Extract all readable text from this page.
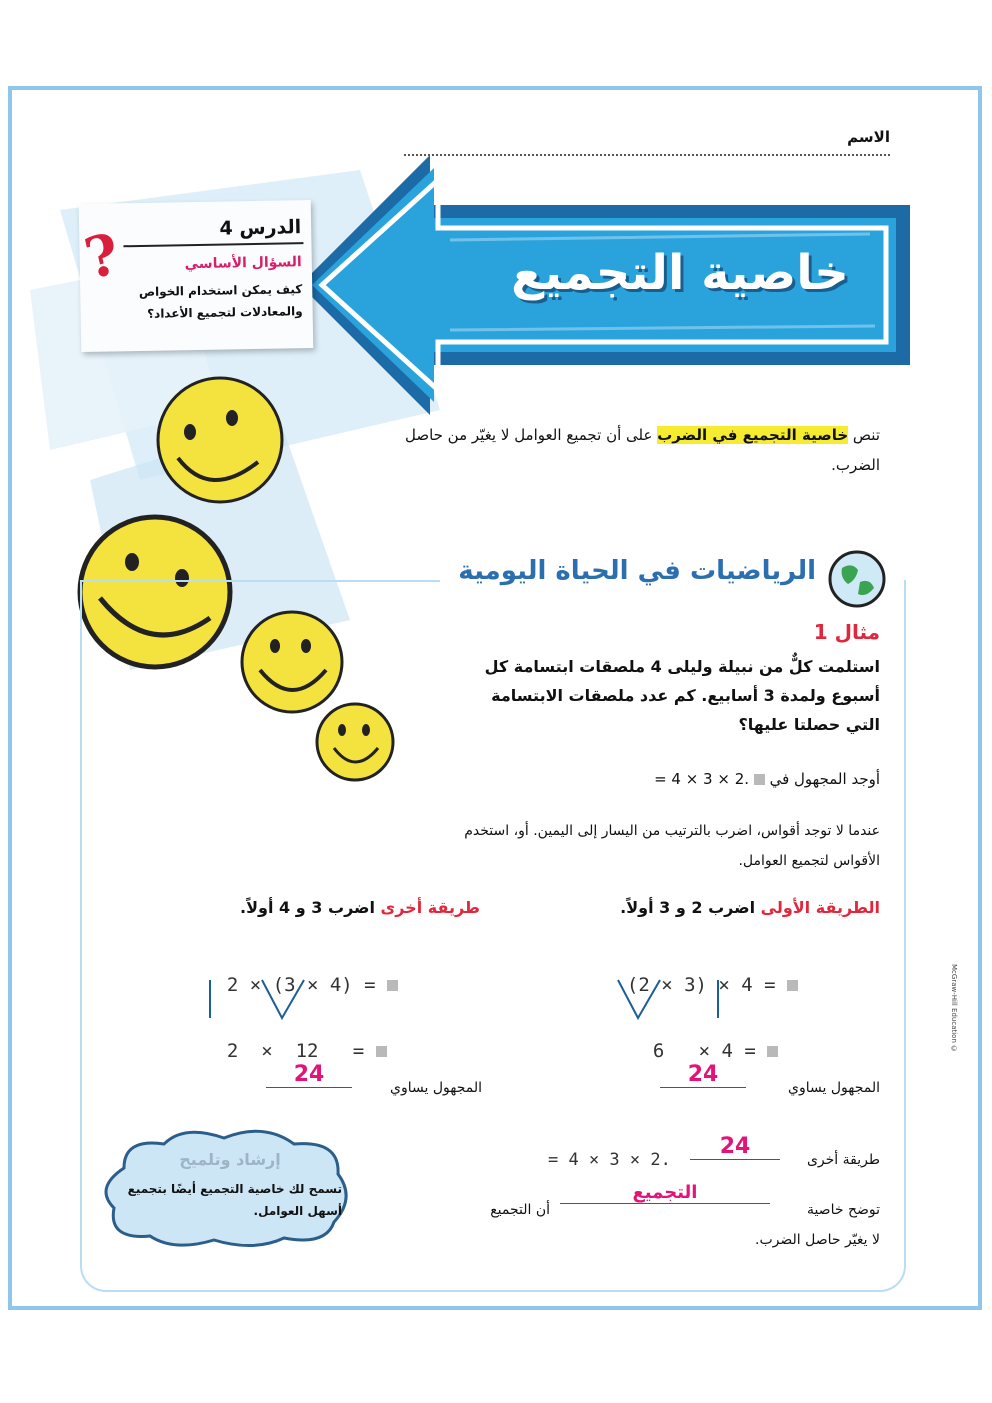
الاسم
خاصية التجميع
الدرس 4
?	السؤال الأساسي
كيف يمكن استخدام الخواص والمعادلات لتجميع الأعداد؟
تنص خاصية التجميع في الضرب على أن تجميع العوامل لا يغيّر من حاصل الضرب.
الرياضيات في الحياة اليومية
مثال 1
استلمت كلٌّ من نبيلة وليلى 4 ملصقات ابتسامة كل أسبوع ولمدة 3 أسابيع. كم عدد ملصقات الابتسامة التي حصلتا عليها؟
أوجد المجهول في  = 4 × 3 × 2.
عندما لا توجد أقواس، اضرب بالترتيب من اليسار إلى اليمين. أو، استخدم الأقواس لتجميع العوامل.
الطريقة الأولى اضرب 2 و 3 أولاً.
طريقة أخرى اضرب 3 و 4 أولاً.

(2 × 3) × 4 =

6 × 4 =

2 × (3 × 4) =

2 × 12 =

المجهول يساوي
24
المجهول يساوي
24
طريقة أخرى
24
= 4 × 3 × 2.
توضح خاصية
التجميع
أن التجميع
لا يغيّر حاصل الضرب.
إرشاد وتلميح
تسمح لك خاصية التجميع أيضًا بتجميع أسهل العوامل.
McGraw-Hill Education ©
